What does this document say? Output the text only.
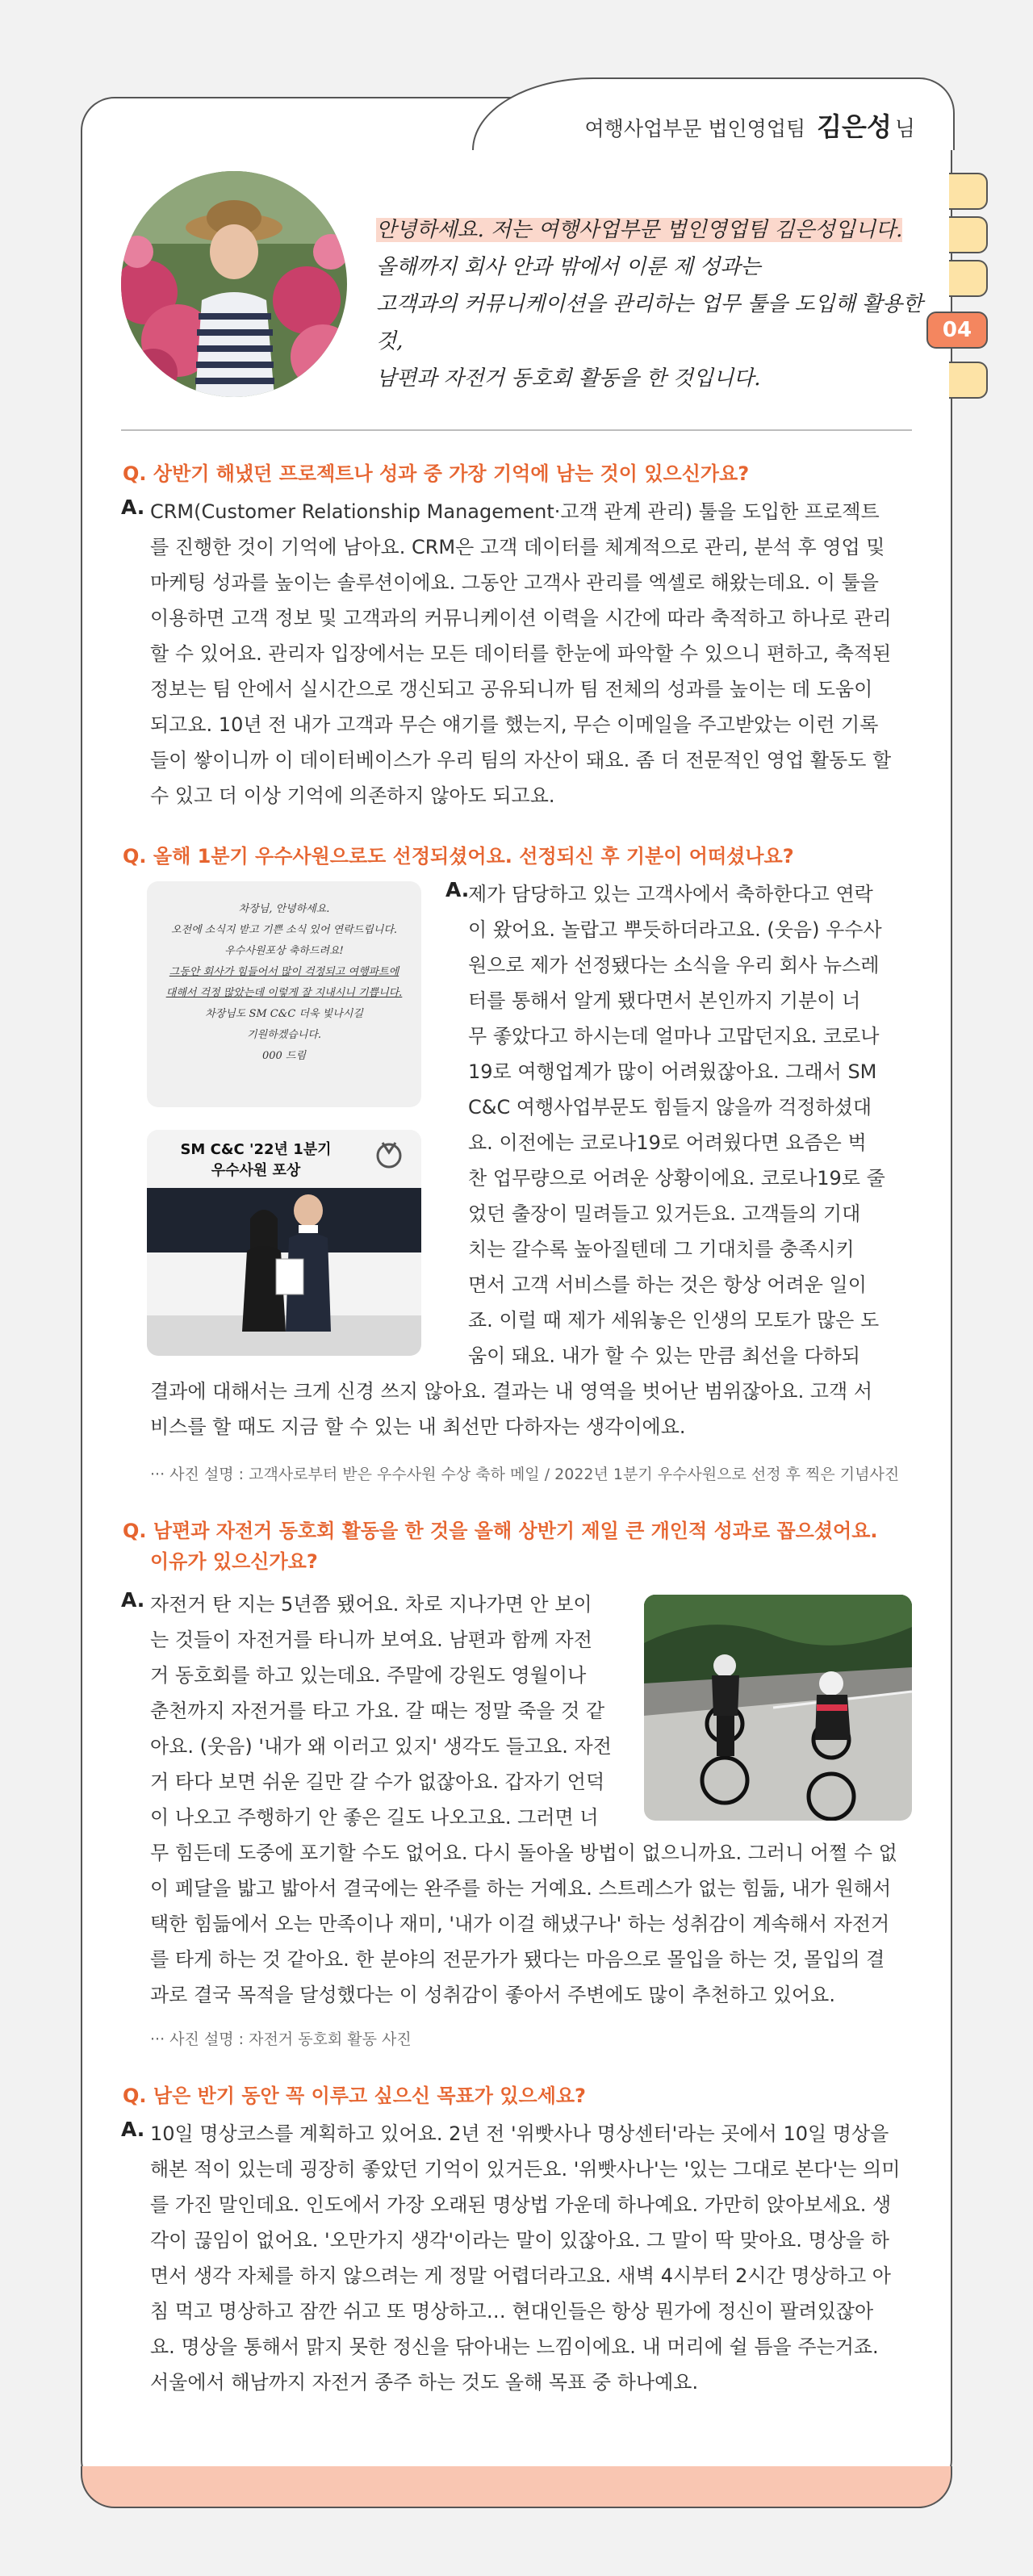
04
여행사업부문 법인영업팀 김은성 님
안녕하세요. 저는 여행사업부문 법인영업팀 김은성입니다.
올해까지 회사 안과 밖에서 이룬 제 성과는
고객과의 커뮤니케이션을 관리하는 업무 툴을 도입해 활용한 것,
남편과 자전거 동호회 활동을 한 것입니다.
Q. 상반기 해냈던 프로젝트나 성과 중 가장 기억에 남는 것이 있으신가요?
A. CRM(Customer Relationship Management·고객 관계 관리) 툴을 도입한 프로젝트
를 진행한 것이 기억에 남아요. CRM은 고객 데이터를 체계적으로 관리, 분석 후 영업 및
마케팅 성과를 높이는 솔루션이에요. 그동안 고객사 관리를 엑셀로 해왔는데요. 이 툴을
이용하면 고객 정보 및 고객과의 커뮤니케이션 이력을 시간에 따라 축적하고 하나로 관리
할 수 있어요. 관리자 입장에서는 모든 데이터를 한눈에 파악할 수 있으니 편하고, 축적된
정보는 팀 안에서 실시간으로 갱신되고 공유되니까 팀 전체의 성과를 높이는 데 도움이
되고요. 10년 전 내가 고객과 무슨 얘기를 했는지, 무슨 이메일을 주고받았는 이런 기록
들이 쌓이니까 이 데이터베이스가 우리 팀의 자산이 돼요. 좀 더 전문적인 영업 활동도 할
수 있고 더 이상 기억에 의존하지 않아도 되고요.
Q. 올해 1분기 우수사원으로도 선정되셨어요. 선정되신 후 기분이 어떠셨나요?
차장님, 안녕하세요.
오전에 소식지 받고 기쁜 소식 있어 연락드립니다.
우수사원포상 축하드려요!
그동안 회사가 힘들어서 많이 걱정되고 여행파트에
대해서 걱정 많았는데 이렇게 잘 지내시니 기쁩니다.
차장님도 SM C&C 더욱 빛나시길
기원하겠습니다.
000 드림
SM C&C '22년 1분기
우수사원 포상
A.
제가 담당하고 있는 고객사에서 축하한다고 연락
이 왔어요. 놀랍고 뿌듯하더라고요. (웃음) 우수사
원으로 제가 선정됐다는 소식을 우리 회사 뉴스레
터를 통해서 알게 됐다면서 본인까지 기분이 너
무 좋았다고 하시는데 얼마나 고맙던지요. 코로나
19로 여행업계가 많이 어려웠잖아요. 그래서 SM
C&C 여행사업부문도 힘들지 않을까 걱정하셨대
요. 이전에는 코로나19로 어려웠다면 요즘은 벅
찬 업무량으로 어려운 상황이에요. 코로나19로 줄
었던 출장이 밀려들고 있거든요. 고객들의 기대
치는 갈수록 높아질텐데 그 기대치를 충족시키
면서 고객 서비스를 하는 것은 항상 어려운 일이
죠. 이럴 때 제가 세워놓은 인생의 모토가 많은 도
움이 돼요. 내가 할 수 있는 만큼 최선을 다하되
결과에 대해서는 크게 신경 쓰지 않아요. 결과는 내 영역을 벗어난 범위잖아요. 고객 서
비스를 할 때도 지금 할 수 있는 내 최선만 다하자는 생각이에요.
··· 사진 설명 : 고객사로부터 받은 우수사원 수상 축하 메일 / 2022년 1분기 우수사원으로 선정 후 찍은 기념사진
Q. 남편과 자전거 동호회 활동을 한 것을 올해 상반기 제일 큰 개인적 성과로 꼽으셨어요.
이유가 있으신가요?
A. 자전거 탄 지는 5년쯤 됐어요. 차로 지나가면 안 보이
는 것들이 자전거를 타니까 보여요. 남편과 함께 자전
거 동호회를 하고 있는데요. 주말에 강원도 영월이나
춘천까지 자전거를 타고 가요. 갈 때는 정말 죽을 것 같
아요. (웃음) '내가 왜 이러고 있지' 생각도 들고요. 자전
거 타다 보면 쉬운 길만 갈 수가 없잖아요. 갑자기 언덕
이 나오고 주행하기 안 좋은 길도 나오고요. 그러면 너
무 힘든데 도중에 포기할 수도 없어요. 다시 돌아올 방법이 없으니까요. 그러니 어쩔 수 없
이 페달을 밟고 밟아서 결국에는 완주를 하는 거예요. 스트레스가 없는 힘듦, 내가 원해서
택한 힘듦에서 오는 만족이나 재미, '내가 이걸 해냈구나' 하는 성취감이 계속해서 자전거
를 타게 하는 것 같아요. 한 분야의 전문가가 됐다는 마음으로 몰입을 하는 것, 몰입의 결
과로 결국 목적을 달성했다는 이 성취감이 좋아서 주변에도 많이 추천하고 있어요.
··· 사진 설명 : 자전거 동호회 활동 사진
Q. 남은 반기 동안 꼭 이루고 싶으신 목표가 있으세요?
A. 10일 명상코스를 계획하고 있어요. 2년 전 '위빳사나 명상센터'라는 곳에서 10일 명상을
해본 적이 있는데 굉장히 좋았던 기억이 있거든요. '위빳사나'는 '있는 그대로 본다'는 의미
를 가진 말인데요. 인도에서 가장 오래된 명상법 가운데 하나예요. 가만히 앉아보세요. 생
각이 끊임이 없어요. '오만가지 생각'이라는 말이 있잖아요. 그 말이 딱 맞아요. 명상을 하
면서 생각 자체를 하지 않으려는 게 정말 어렵더라고요. 새벽 4시부터 2시간 명상하고 아
침 먹고 명상하고 잠깐 쉬고 또 명상하고… 현대인들은 항상 뭔가에 정신이 팔려있잖아
요. 명상을 통해서 맑지 못한 정신을 닦아내는 느낌이에요. 내 머리에 쉴 틈을 주는거죠.
서울에서 해남까지 자전거 종주 하는 것도 올해 목표 중 하나예요.
